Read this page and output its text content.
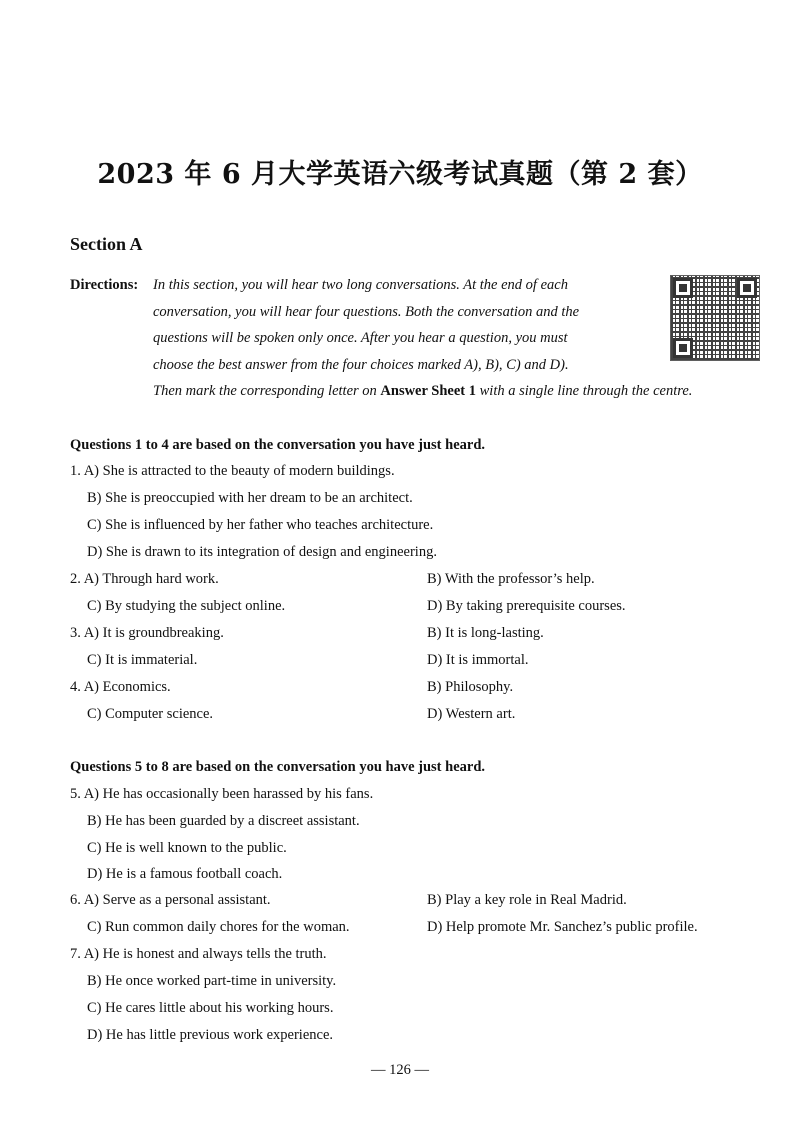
2023 年 6 月大学英语六级考试真题（第 2 套）
Section A
Directions: In this section, you will hear two long conversations. At the end of each
conversation, you will hear four questions. Both the conversation and the
questions will be spoken only once. After you hear a question, you must
choose the best answer from the four choices marked A), B), C) and D).
Then mark the corresponding letter on Answer Sheet 1 with a single line through the centre.
Questions 1 to 4 are based on the conversation you have just heard.
1. A) She is attracted to the beauty of modern buildings.
B) She is preoccupied with her dream to be an architect.
C) She is influenced by her father who teaches architecture.
D) She is drawn to its integration of design and engineering.
2. A) Through hard work.	B) With the professor’s help.
C) By studying the subject online.	D) By taking prerequisite courses.
3. A) It is groundbreaking.	B) It is long-lasting.
C) It is immaterial.	D) It is immortal.
4. A) Economics.	B) Philosophy.
C) Computer science.	D) Western art.
Questions 5 to 8 are based on the conversation you have just heard.
5. A) He has occasionally been harassed by his fans.
B) He has been guarded by a discreet assistant.
C) He is well known to the public.
D) He is a famous football coach.
6. A) Serve as a personal assistant.	B) Play a key role in Real Madrid.
C) Run common daily chores for the woman.	D) Help promote Mr. Sanchez’s public profile.
7. A) He is honest and always tells the truth.
B) He once worked part-time in university.
C) He cares little about his working hours.
D) He has little previous work experience.
— 126 —
